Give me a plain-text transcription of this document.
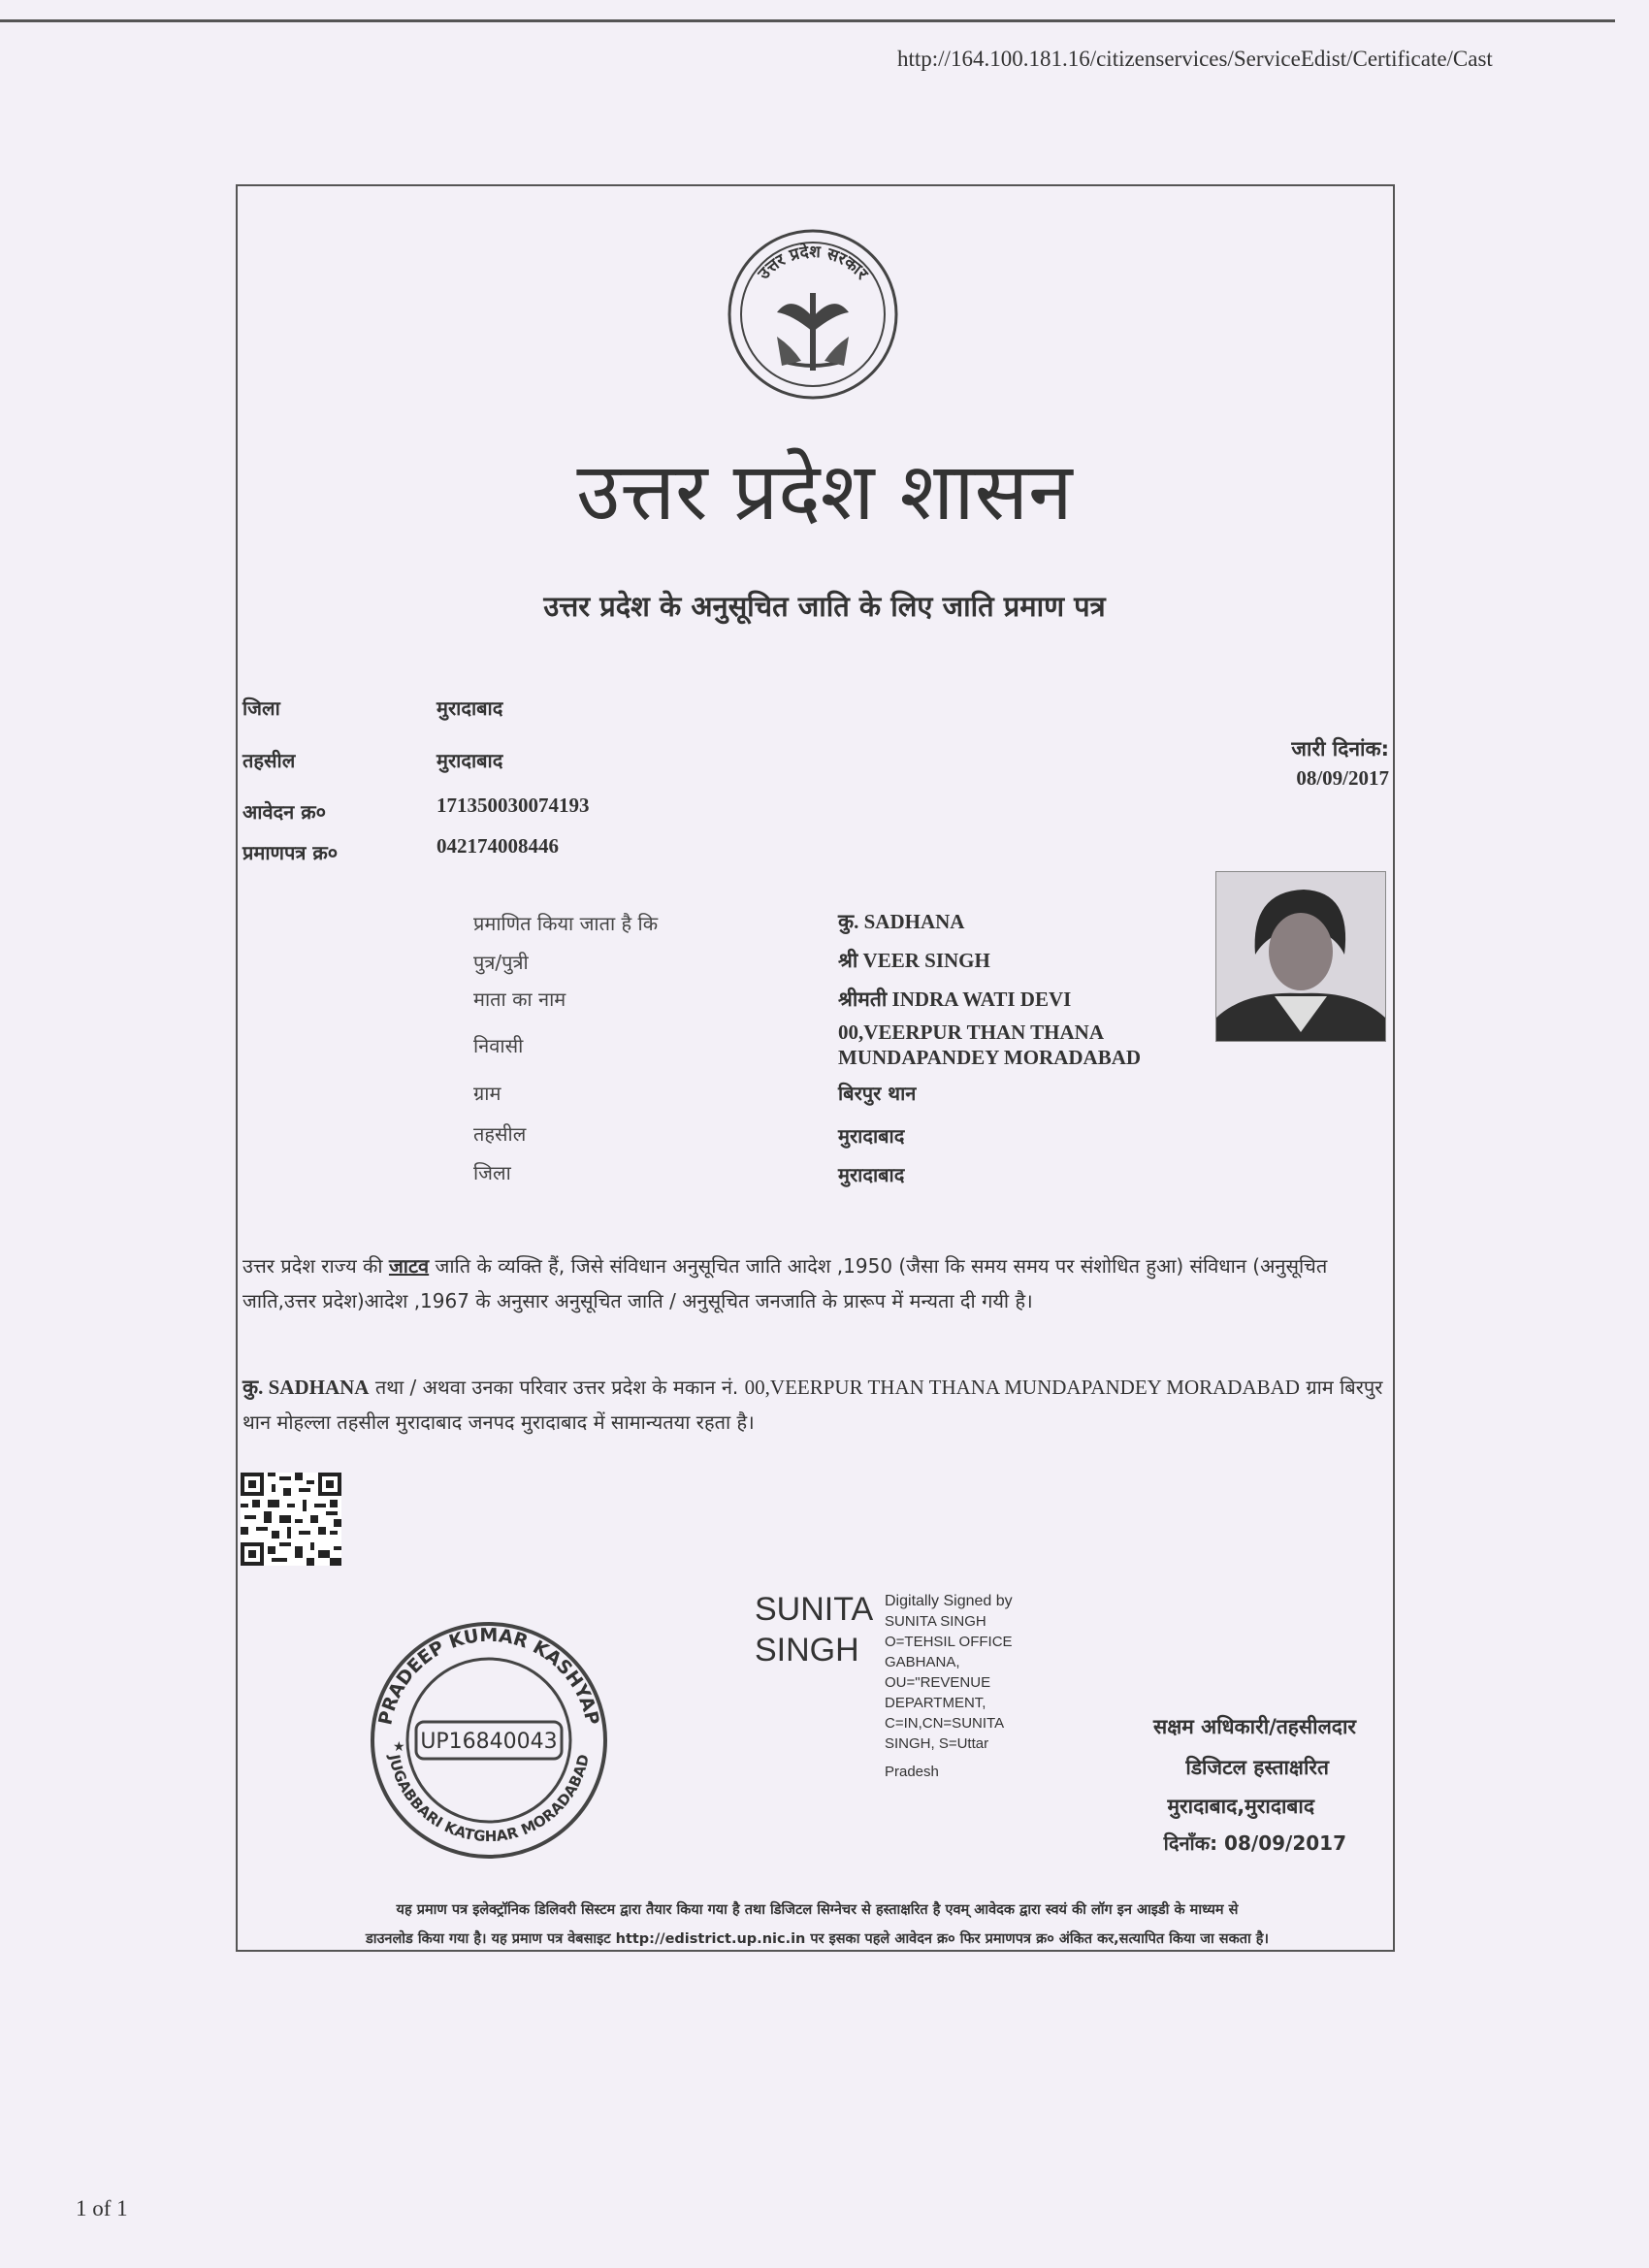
http://164.100.181.16/citizenservices/ServiceEdist/Certificate/Cast
उत्तर प्रदेश सरकार
उत्तर प्रदेश शासन
उत्तर प्रदेश के अनुसूचित जाति के लिए जाति प्रमाण पत्र
जिला	मुरादाबाद
तहसील	मुरादाबाद
आवेदन क्र०	171350030074193
प्रमाणपत्र क्र०	042174008446
जारी दिनांक:
08/09/2017
प्रमाणित किया जाता है कि	कु. SADHANA
पुत्र/पुत्री	श्री VEER SINGH
माता का नाम	श्रीमती INDRA WATI DEVI
निवासी
00,VEERPUR THAN THANA
MUNDAPANDEY MORADABAD
ग्राम	बिरपुर थान
तहसील	मुरादाबाद
जिला	मुरादाबाद
उत्तर प्रदेश राज्य की जाटव जाति के व्यक्ति हैं, जिसे संविधान अनुसूचित जाति आदेश ,1950 (जैसा कि समय समय पर संशोधित हुआ) संविधान (अनुसूचित जाति,उत्तर प्रदेश)आदेश ,1967 के अनुसार अनुसूचित जाति / अनुसूचित जनजाति के प्रारूप में मन्यता दी गयी है।
कु. SADHANA तथा / अथवा उनका परिवार उत्तर प्रदेश के मकान नं. 00,VEERPUR THAN THANA MUNDAPANDEY MORADABAD ग्राम बिरपुर थान मोहल्ला तहसील मुरादाबाद जनपद मुरादाबाद में सामान्यतया रहता है।
PRADEEP KUMAR KASHYAP
JUGABBARI KATGHAR MORADABAD
UP16840043
★
SUNITA
SINGH
Digitally Signed by
SUNITA SINGH
O=TEHSIL OFFICE
GABHANA,
OU="REVENUE
DEPARTMENT,
C=IN,CN=SUNITA
SINGH, S=Uttar
Pradesh
सक्षम अधिकारी/तहसीलदार
डिजिटल हस्ताक्षरित
मुरादाबाद,मुरादाबाद
दिनाँक: 08/09/2017
यह प्रमाण पत्र इलेक्ट्रॉनिक डिलिवरी सिस्टम द्वारा तैयार किया गया है तथा डिजिटल सिग्नेचर से हस्ताक्षरित है एवम् आवेदक द्वारा स्वयं की लॉग इन आइडी के माध्यम से
डाउनलोड किया गया है। यह प्रमाण पत्र वेबसाइट http://edistrict.up.nic.in पर इसका पहले आवेदन क्र० फिर प्रमाणपत्र क्र० अंकित कर,सत्यापित किया जा सकता है।
1 of 1
